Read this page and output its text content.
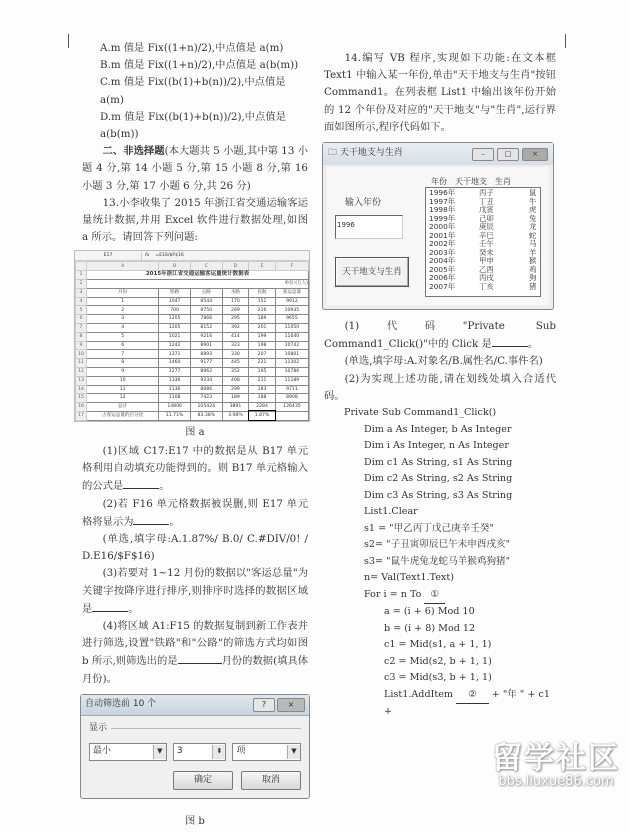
A.m 值是 Fix((1+n)/2),中点值是 a(m)
B.m 值是 Fix((1+n)/2),中点值是 a(b(m))
C.m 值是 Fix((b(1)+b(n))/2),中点值是 a(m)
D.m 值是 Fix((b(1)+b(n))/2),中点值是 a(b(m))
二、非选择题(本大题共 5 小题,其中第 13 小题 4 分,第 14 小题 5 分,第 15 小题 8 分,第 16 小题 3 分,第 17 小题 6 分,共 26 分)
13.小李收集了 2015 年浙江省交通运输客运量统计数据,并用 Excel 软件进行数据处理,如图 a 所示。请回答下列问题:
E17	fx	=E16/$F$16
	A	B	C	D	E	F
1	2015年浙江省交通运输客运量统计数据表					
2	单位:(万人)					
3	月份	铁路	公路	水路	民航	客运总量
4	1	1047	8544	170	151	9912
5	2	700	8750	269	216	10935
6	3	1205	7866	295	189	9655
7	4	1205	8152	392	201	11050
8	5	1021	9216	414	199	11640
9	6	1242	8901	323	198	10742
10	7	1371	8893	330	207	10801
11	8	1460	9177	445	221	11302
12	9	1277	8962	352	195	10786
13	10	1336	9234	408	211	11189
14	11	1136	8086	299	183	9711
15	12	1108	7423	189	188	8908
16	总计	14806	105424	3891	2284	126435
17	占客运总量的百分比	11.71%	83.38%	3.08%	1.87%	
图 a
(1)区域 C17:E17 中的数据是从 B17 单元格利用自动填充功能得到的。则 B17 单元格输入的公式是	。
(2)若 F16 单元格数据被误删,则 E17 单元格将显示为	。
(单选,填字母:A.1.87%/ B.0/ C.#DIV/0! / D.E16/$F$16)
(3)若要对 1~12 月份的数据以"客运总量"为关键字按降序进行排序,则排序时选择的数据区域是	。
(4)将区域 A1:F15 的数据复制到新工作表并进行筛选,设置"铁路"和"公路"的筛选方式均如图 b 所示,则筛选出的是	月份的数据(填具体月份)。
自动筛选前 10 个	?	×
显示
最小	▼	3	⬍	项	▼
确定	取消
图 b
14.编写 VB 程序,实现如下功能:在文本框 Text1 中输入某一年份,单击"天干地支与生肖"按钮 Command1。在列表框 List1 中输出该年份开始的 12 个年份及对应的"天干地支"与"生肖",运行界面如图所示,程序代码如下。
🗀 天干地支与生肖	–	□	×
输入年份
1996
天干地支与生肖
年份 天干地支 生肖
1996年	丙子	鼠
1997年	丁丑	牛
1998年	戊寅	虎
1999年	己卯	兔
2000年	庚辰	龙
2001年	辛巳	蛇
2002年	壬午	马
2003年	癸未	羊
2004年	甲申	猴
2005年	乙酉	鸡
2006年	丙戌	狗
2007年	丁亥	猪
(1)代码"Private Sub Command1_Click()"中的 Click 是	。
(单选,填字母:A.对象名/B.属性名/C.事件名)
(2)为实现上述功能,请在划线处填入合适代码。
Private Sub Command1_Click()
Dim a As Integer, b As Integer
Dim i As Integer, n As Integer
Dim c1 As String, s1 As String
Dim c2 As String, s2 As String
Dim c3 As String, s3 As String
List1.Clear
s1 = "甲乙丙丁戊己庚辛壬癸"
s2= "子丑寅卯辰巳午未申酉戌亥"
s3= "鼠牛虎兔龙蛇马羊猴鸡狗猪"
n= Val(Text1.Text)
For i = n To ①
a = (i + 6) Mod 10
b = (i + 8) Mod 12
c1 = Mid(s1, a + 1, 1)
c2 = Mid(s2, b + 1, 1)
c3 = Mid(s3, b + 1, 1)
List1.AddItem ② + "年 " + c1 +
留学社区
bbs.liuxue86.com
